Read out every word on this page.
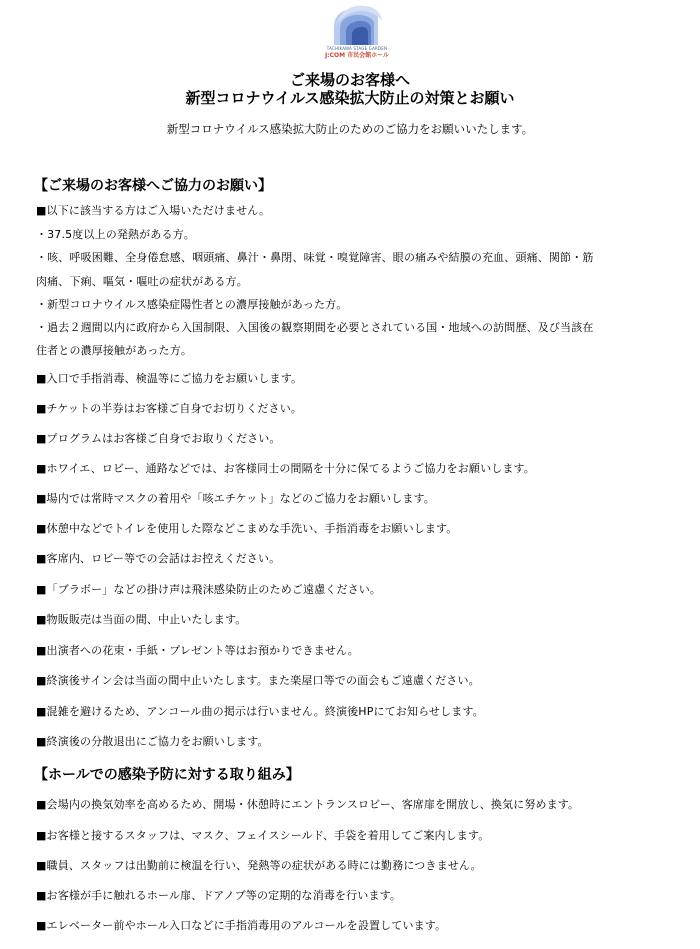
TACHIKAWA STAGE GARDEN
J:COM 市民会館ホール
ご来場のお客様へ
新型コロナウイルス感染拡大防止の対策とお願い
新型コロナウイルス感染拡大防止のためのご協力をお願いいたします。
【ご来場のお客様へご協力のお願い】
■以下に該当する方はご入場いただけません。
・37.5度以上の発熱がある方。
・咳、呼吸困難、全身倦怠感、咽頭痛、鼻汁・鼻閉、味覚・嗅覚障害、眼の痛みや結膜の充血、頭痛、関節・筋
肉痛、下痢、嘔気・嘔吐の症状がある方。
・新型コロナウイルス感染症陽性者との濃厚接触があった方。
・過去２週間以内に政府から入国制限、入国後の観察期間を必要とされている国・地域への訪問歴、及び当該在
住者との濃厚接触があった方。
■入口で手指消毒、検温等にご協力をお願いします。
■チケットの半券はお客様ご自身でお切りください。
■プログラムはお客様ご自身でお取りください。
■ホワイエ、ロビー、通路などでは、お客様同士の間隔を十分に保てるようご協力をお願いします。
■場内では常時マスクの着用や「咳エチケット」などのご協力をお願いします。
■休憩中などでトイレを使用した際などこまめな手洗い、手指消毒をお願いします。
■客席内、ロビー等での会話はお控えください。
■「ブラボー」などの掛け声は飛沫感染防止のためご遠慮ください。
■物販販売は当面の間、中止いたします。
■出演者への花束・手紙・プレゼント等はお預かりできません。
■終演後サイン会は当面の間中止いたします。また楽屋口等での面会もご遠慮ください。
■混雑を避けるため、アンコール曲の掲示は行いません。終演後HPにてお知らせします。
■終演後の分散退出にご協力をお願いします。
【ホールでの感染予防に対する取り組み】
■会場内の換気効率を高めるため、開場・休憩時にエントランスロビー、客席扉を開放し、換気に努めます。
■お客様と接するスタッフは、マスク、フェイスシールド、手袋を着用してご案内します。
■職員、スタッフは出勤前に検温を行い、発熱等の症状がある時には勤務につきません。
■お客様が手に触れるホール扉、ドアノブ等の定期的な消毒を行います。
■エレベーター前やホール入口などに手指消毒用のアルコールを設置しています。
